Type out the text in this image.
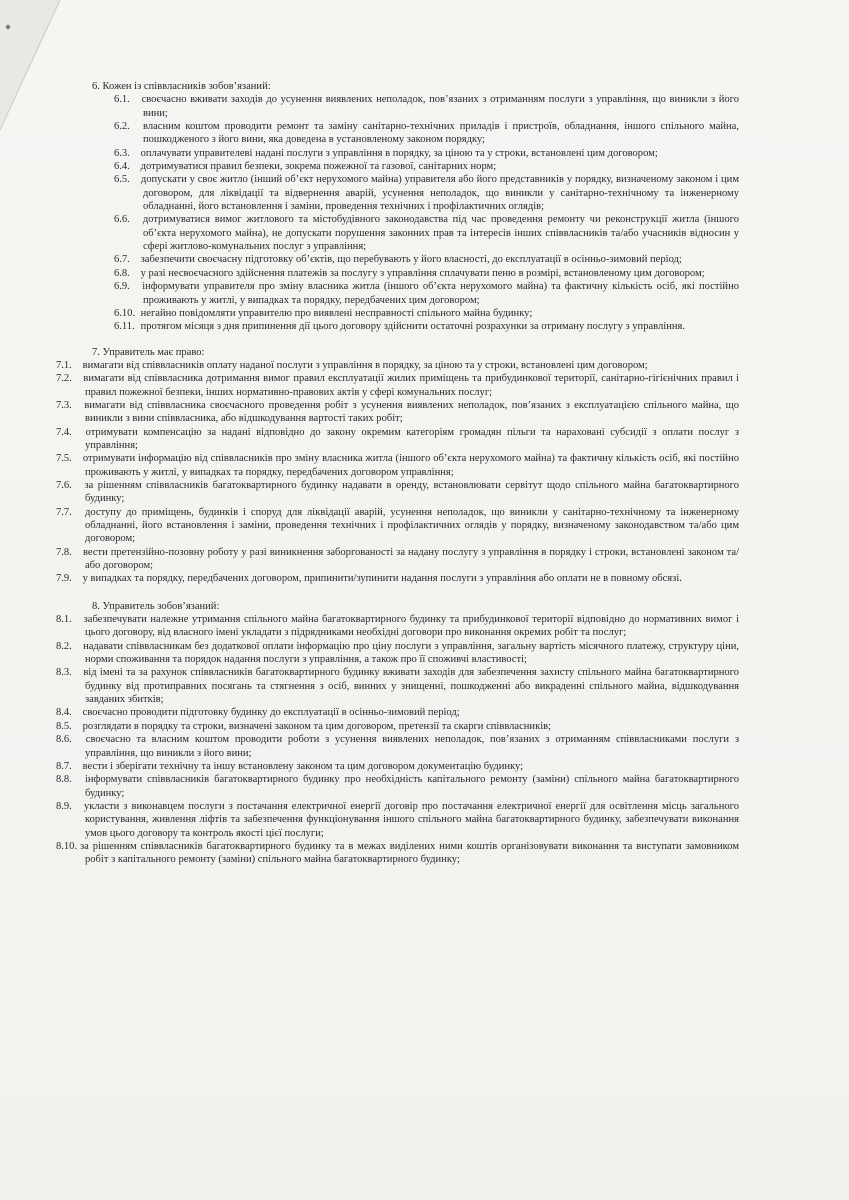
6. Кожен із співвласників зобов’язаний:
6.1. своєчасно вживати заходів до усунення виявлених неполадок, пов’язаних з отриманням послуги з управління, що виникли з його вини;
6.2. власним коштом проводити ремонт та заміну санітарно-технічних приладів і пристроїв, обладнання, іншого спільного майна, пошкодженого з його вини, яка доведена в установленому законом порядку;
6.3. оплачувати управителеві надані послуги з управління в порядку, за ціною та у строки, встановлені цим договором;
6.4. дотримуватися правил безпеки, зокрема пожежної та газової, санітарних норм;
6.5. допускати у своє житло (інший об’єкт нерухомого майна) управителя або його представників у порядку, визначеному законом і цим договором, для ліквідації та відвернення аварій, усунення неполадок, що виникли у санітарно-технічному та інженерному обладнанні, його встановлення і заміни, проведення технічних і профілактичних оглядів;
6.6. дотримуватися вимог житлового та містобудівного законодавства під час проведення ремонту чи реконструкції житла (іншого об’єкта нерухомого майна), не допускати порушення законних прав та інтересів інших співвласників та/або учасників відносин у сфері житлово-комунальних послуг з управління;
6.7. забезпечити своєчасну підготовку об’єктів, що перебувають у його власності, до експлуатації в осінньо-зимовий період;
6.8. у разі несвоєчасного здійснення платежів за послугу з управління сплачувати пеню в розмірі, встановленому цим договором;
6.9. інформувати управителя про зміну власника житла (іншого об’єкта нерухомого майна) та фактичну кількість осіб, які постійно проживають у житлі, у випадках та порядку, передбачених цим договором;
6.10. негайно повідомляти управителю про виявлені несправності спільного майна будинку;
6.11. протягом місяця з дня припинення дії цього договору здійснити остаточні розрахунки за отриману послугу з управління.
7. Управитель має право:
7.1. вимагати від співвласників оплату наданої послуги з управління в порядку, за ціною та у строки, встановлені цим договором;
7.2. вимагати від співвласника дотримання вимог правил експлуатації жилих приміщень та прибудинкової території, санітарно-гігієнічних правил і правил пожежної безпеки, інших нормативно-правових актів у сфері комунальних послуг;
7.3. вимагати від співвласника своєчасного проведення робіт з усунення виявлених неполадок, пов’язаних з експлуатацією спільного майна, що виникли з вини співвласника, або відшкодування вартості таких робіт;
7.4. отримувати компенсацію за надані відповідно до закону окремим категоріям громадян пільги та нараховані субсидії з оплати послуг з управління;
7.5. отримувати інформацію від співвласників про зміну власника житла (іншого об’єкта нерухомого майна) та фактичну кількість осіб, які постійно проживають у житлі, у випадках та порядку, передбачених договором управління;
7.6. за рішенням співвласників багатоквартирного будинку надавати в оренду, встановлювати сервітут щодо спільного майна багатоквартирного будинку;
7.7. доступу до приміщень, будинків і споруд для ліквідації аварій, усунення неполадок, що виникли у санітарно-технічному та інженерному обладнанні, його встановлення і заміни, проведення технічних і профілактичних оглядів у порядку, визначеному законодавством та/або цим договором;
7.8. вести претензійно-позовну роботу у разі виникнення заборгованості за надану послугу з управління в порядку і строки, встановлені законом та/або договором;
7.9. у випадках та порядку, передбачених договором, припинити/зупинити надання послуги з управління або оплати не в повному обсязі.
8. Управитель зобов’язаний:
8.1. забезпечувати належне утримання спільного майна багатоквартирного будинку та прибудинкової території відповідно до нормативних вимог і цього договору, від власного імені укладати з підрядниками необхідні договори про виконання окремих робіт та послуг;
8.2. надавати співвласникам без додаткової оплати інформацію про ціну послуги з управління, загальну вартість місячного платежу, структуру ціни, норми споживання та порядок надання послуги з управління, а також про її споживчі властивості;
8.3. від імені та за рахунок співвласників багатоквартирного будинку вживати заходів для забезпечення захисту спільного майна багатоквартирного будинку від протиправних посягань та стягнення з осіб, винних у знищенні, пошкодженні або викраденні спільного майна, відшкодування завданих збитків;
8.4. своєчасно проводити підготовку будинку до експлуатації в осінньо-зимовий період;
8.5. розглядати в порядку та строки, визначені законом та цим договором, претензії та скарги співвласників;
8.6. своєчасно та власним коштом проводити роботи з усунення виявлених неполадок, пов’язаних з отриманням співвласниками послуги з управління, що виникли з його вини;
8.7. вести і зберігати технічну та іншу встановлену законом та цим договором документацію будинку;
8.8. інформувати співвласників багатоквартирного будинку про необхідність капітального ремонту (заміни) спільного майна багатоквартирного будинку;
8.9. укласти з виконавцем послуги з постачання електричної енергії договір про постачання електричної енергії для освітлення місць загального користування, живлення ліфтів та забезпечення функціонування іншого спільного майна багатоквартирного будинку, забезпечувати виконання умов цього договору та контроль якості цієї послуги;
8.10. за рішенням співвласників багатоквартирного будинку та в межах виділених ними коштів організовувати виконання та виступати замовником робіт з капітального ремонту (заміни) спільного майна багатоквартирного будинку;
